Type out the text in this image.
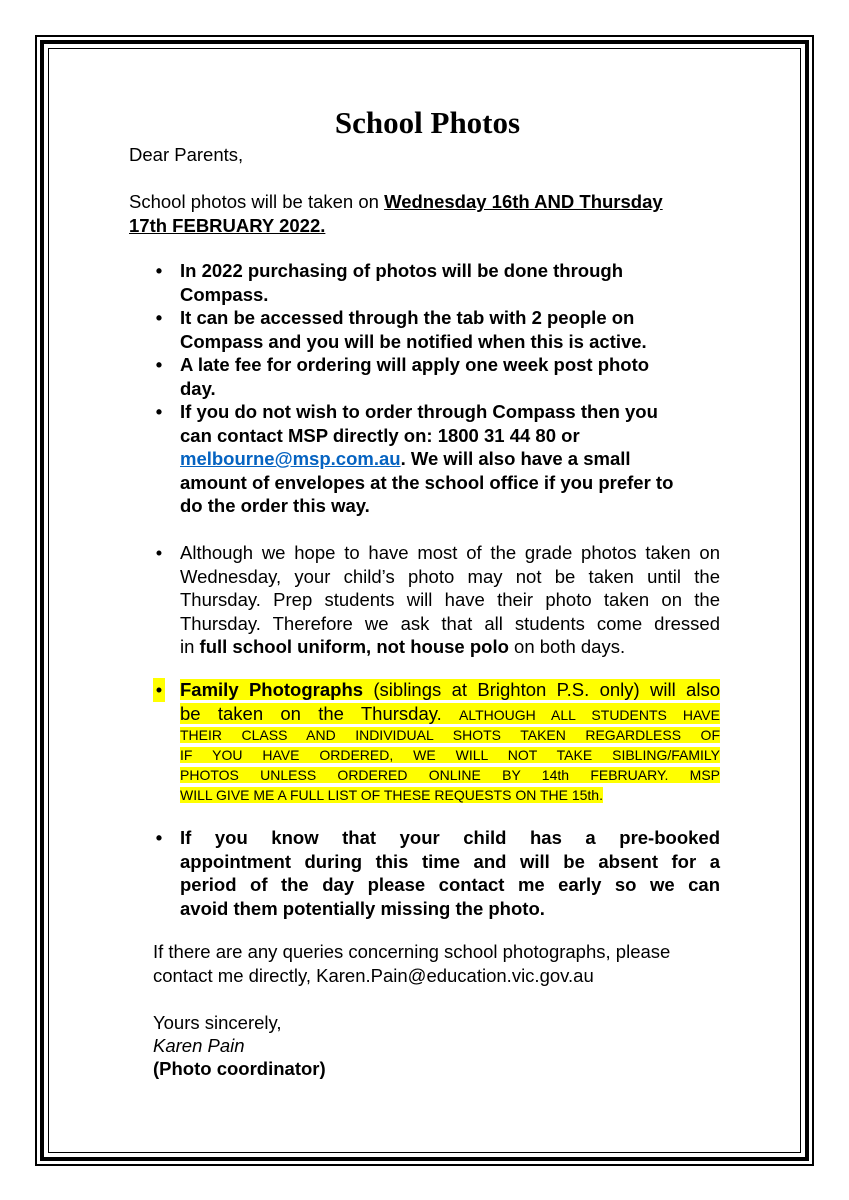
School Photos
Dear Parents,
School photos will be taken on Wednesday 16th AND Thursday
17th FEBRUARY 2022.
• In 2022 purchasing of photos will be done through
Compass.
• It can be accessed through the tab with 2 people on
Compass and you will be notified when this is active.
• A late fee for ordering will apply one week post photo
day.
• If you do not wish to order through Compass then you
can contact MSP directly on: 1800 31 44 80 or
melbourne@msp.com.au. We will also have a small
amount of envelopes at the school office if you prefer to
do the order this way.
• Although we hope to have most of the grade photos taken on
Wednesday, your child’s photo may not be taken until the
Thursday. Prep students will have their photo taken on the
Thursday. Therefore we ask that all students come dressed
in full school uniform, not house polo on both days.
• Family Photographs (siblings at Brighton P.S. only) will also
be taken on the Thursday. ALTHOUGH ALL STUDENTS HAVE
THEIR CLASS AND INDIVIDUAL SHOTS TAKEN REGARDLESS OF
IF YOU HAVE ORDERED, WE WILL NOT TAKE SIBLING/FAMILY
PHOTOS UNLESS ORDERED ONLINE BY 14th FEBRUARY. MSP
WILL GIVE ME A FULL LIST OF THESE REQUESTS ON THE 15th.
• If you know that your child has a pre-booked
appointment during this time and will be absent for a
period of the day please contact me early so we can
avoid them potentially missing the photo.
If there are any queries concerning school photographs, please
contact me directly, Karen.Pain@education.vic.gov.au
Yours sincerely,
Karen Pain
(Photo coordinator)
